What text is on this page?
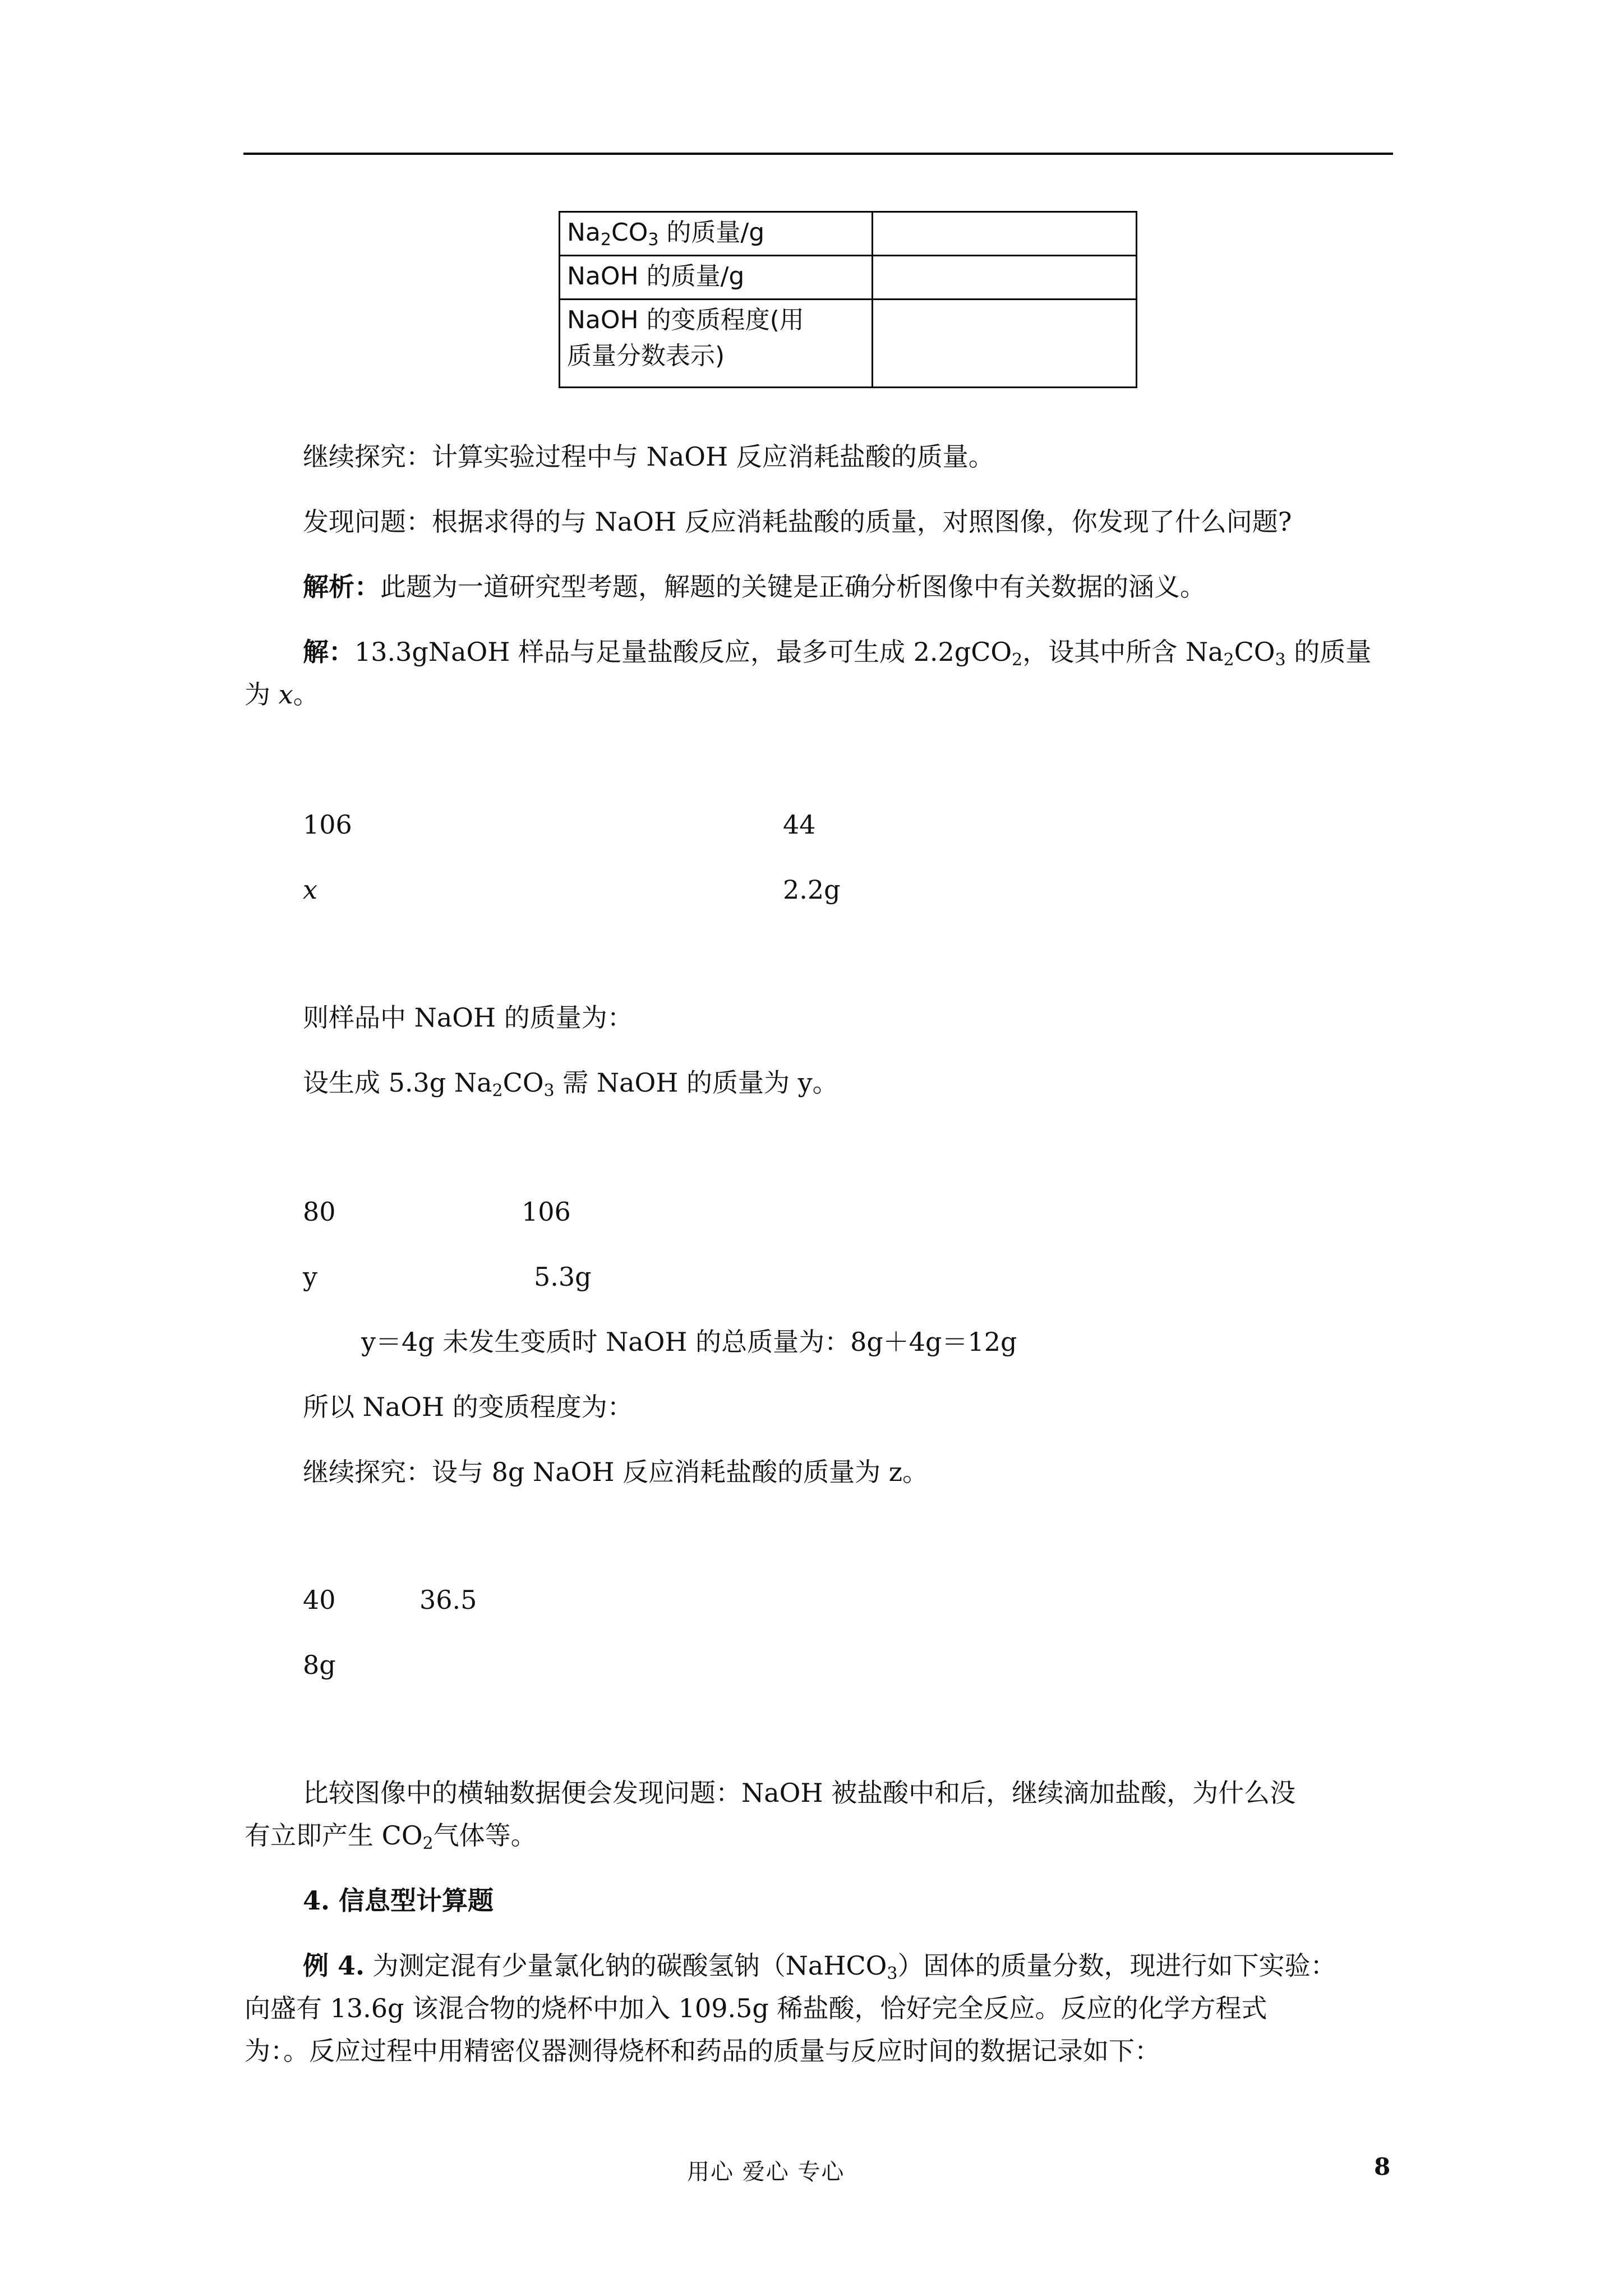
$Na_2CO_3$ 的质量/g
NaOH 的质量/g
NaOH 的变质程度(用
质量分数表示)
继续探究：计算实验过程中与 NaOH 反应消耗盐酸的质量。
发现问题：根据求得的与 NaOH 反应消耗盐酸的质量，对照图像，你发现了什么问题?
解析：此题为一道研究型考题，解题的关键是正确分析图像中有关数据的涵义。
解：13.3gNaOH 样品与足量盐酸反应，最多可生成 2.2gCO$_2$，设其中所含 $Na_2CO_3$ 的质量
为 x。
106	44
x	2.2g
则样品中 NaOH 的质量为：
设生成 5.3g $Na_2CO_3$ 需 NaOH 的质量为 y。
80	106
y	5.3g
y＝4g 未发生变质时 NaOH 的总质量为：8g＋4g＝12g
所以 NaOH 的变质程度为：
继续探究：设与 8g NaOH 反应消耗盐酸的质量为 z。
40	36.5
8g
比较图像中的横轴数据便会发现问题：NaOH 被盐酸中和后，继续滴加盐酸，为什么没
有立即产生 $CO_2$气体等。
4. 信息型计算题
例 4. 为测定混有少量氯化钠的碳酸氢钠（NaHCO$_3$）固体的质量分数，现进行如下实验：
向盛有 13.6g 该混合物的烧杯中加入 109.5g 稀盐酸，恰好完全反应。反应的化学方程式
为：。反应过程中用精密仪器测得烧杯和药品的质量与反应时间的数据记录如下：
用心 爱心 专心	8
